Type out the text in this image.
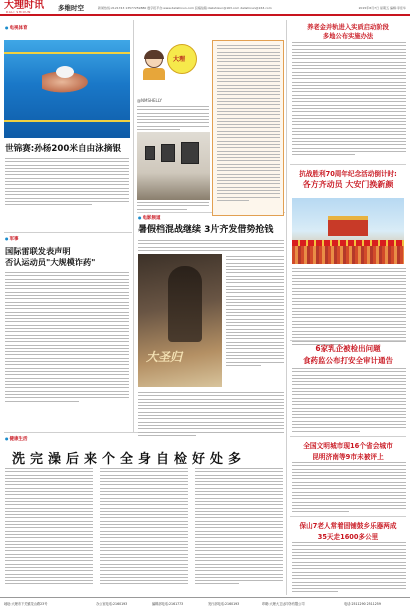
大理时讯
DALI SHIXUN	多维时空	新闻热线:2121743 13577259880 数字报平台:www.dalishixun.com 投稿信箱:dalishixun@163.com dalishixun@163.com	2015年8月7日 星期五 编辑:李佳华
● 电视体育
世锦赛:孙杨200米自由泳摘银
● 军事
国际雷联发表声明
否认运动员"大规模诈药"
大理
@NMSHELLY
● 电影频道
暑假档混战继续 3片齐发借势抢钱
大圣归
● 健康生活
洗完澡后来个全身自检好处多
养老金并轨进入实质启动阶段
多地公布实施办法
抗战胜利70周年纪念活动倒计时:
各方齐动员 大安门换新颜
6家乳企被检出问题
食药监公布打安全审计通告
全国文明城市现16个省会城市
昆明济南等9市未被评上
保山7老人常着固铺鼓乡乐器两成
35天走1600多公里
地址:大理市下关镇龙山路23号	办公室电话:2160193	编辑部电话:2161773	发行部电话:2160193	印刷:大理大卫达印务有限公司	电话:2511290 2511259
